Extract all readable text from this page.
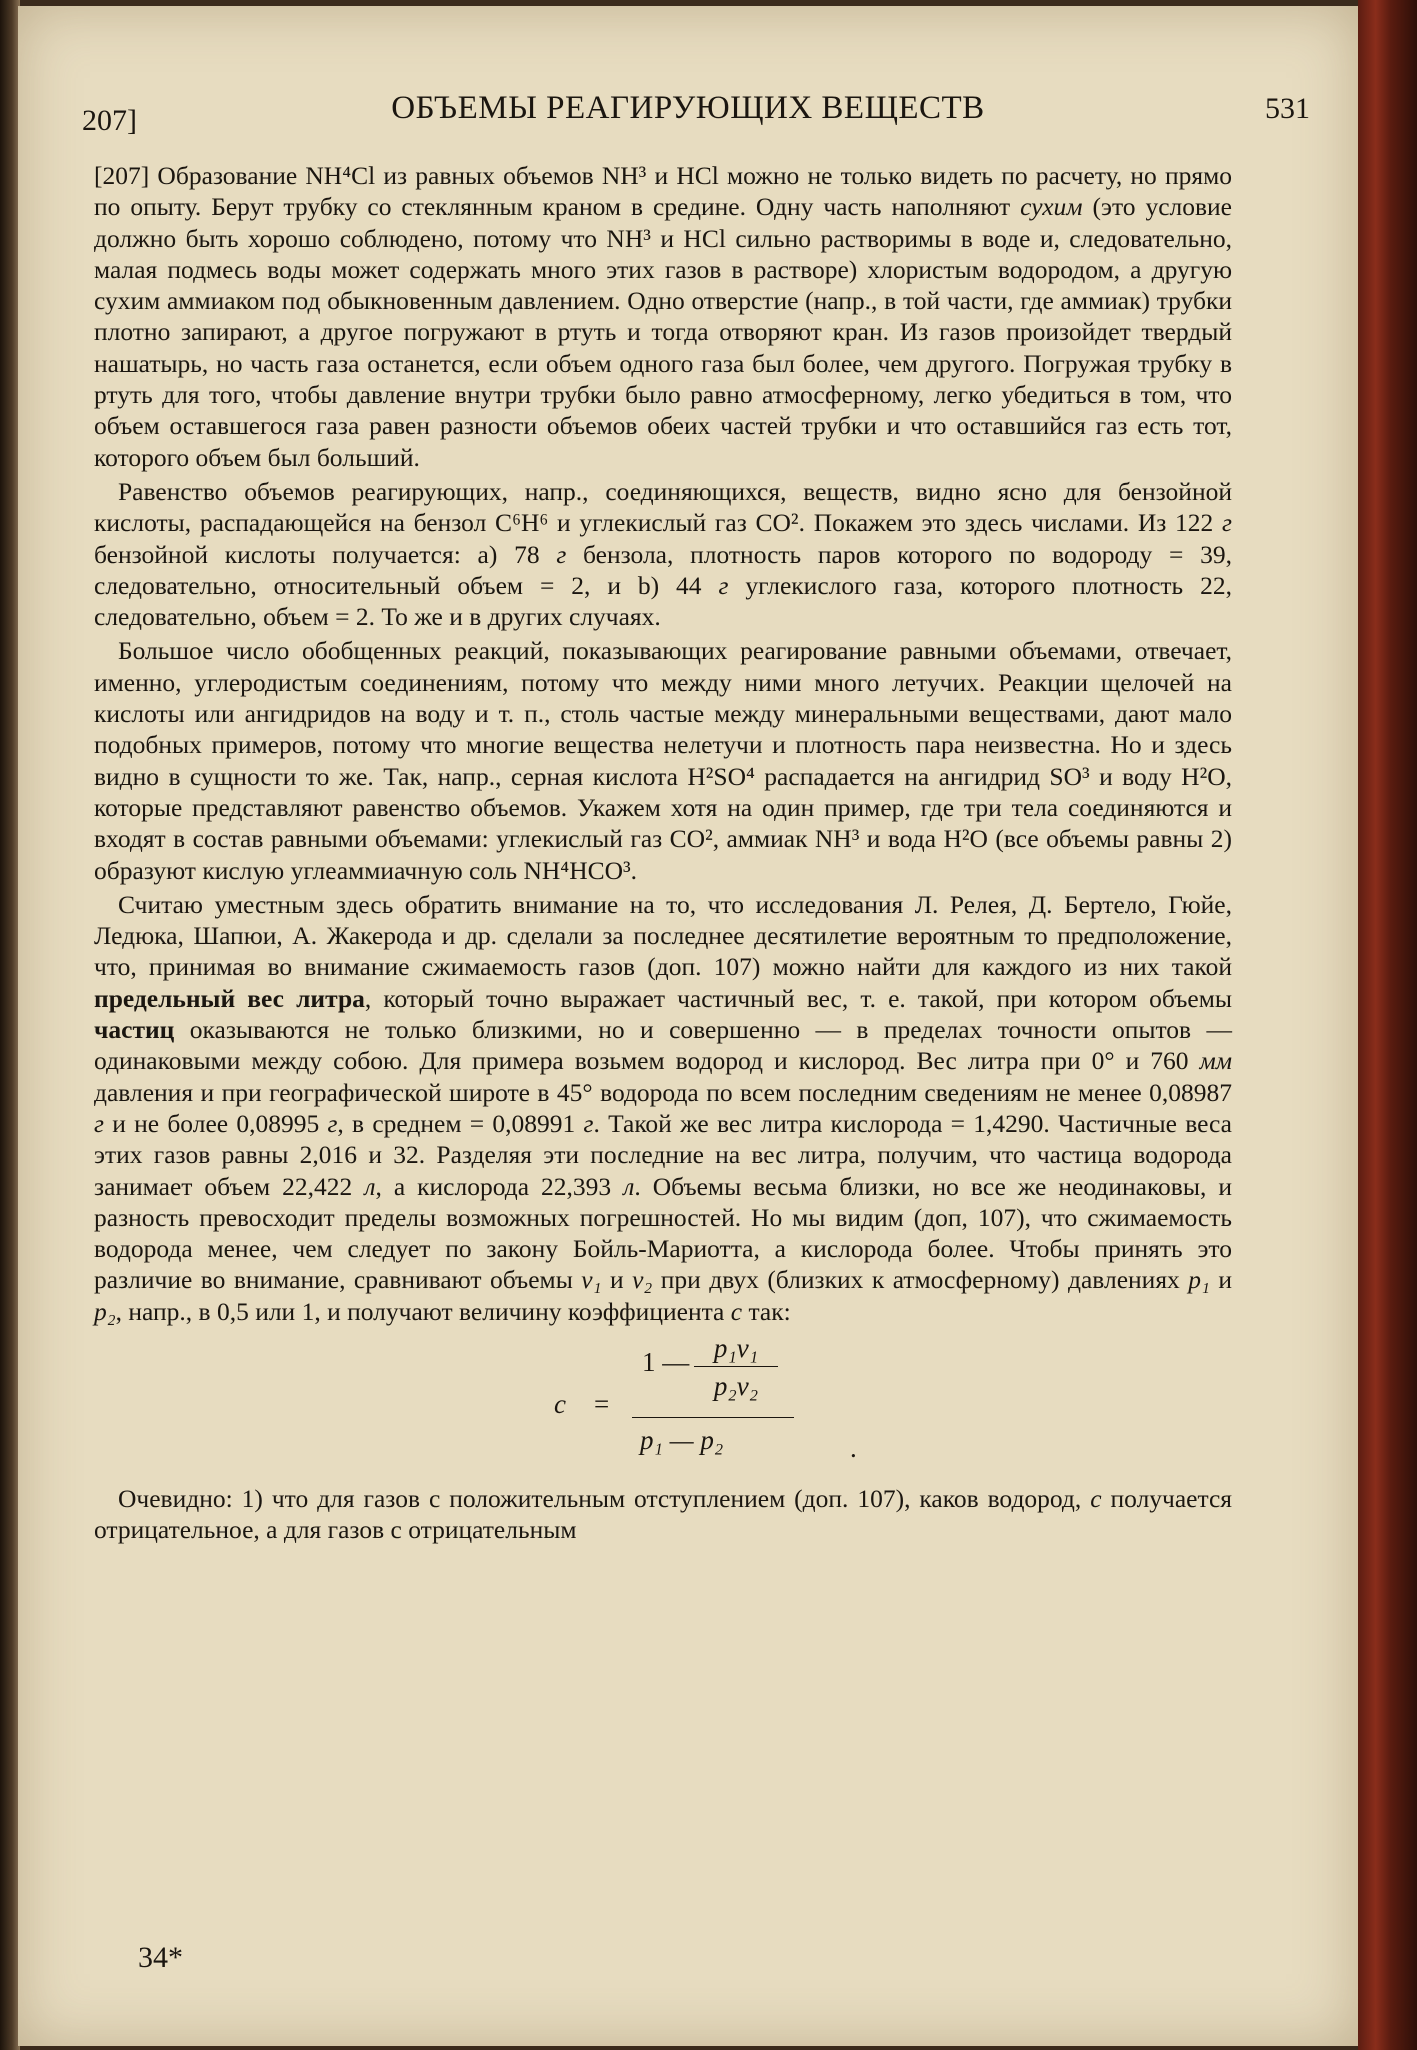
207]	ОБЪЕМЫ РЕАГИРУЮЩИХ ВЕЩЕСТВ	531

[207] Образование NH⁴Cl из равных объемов NH³ и HCl можно не только видеть по расчету, но прямо по опыту. Берут трубку со стеклянным краном в средине. Одну часть наполняют сухим (это условие должно быть хорошо соблюдено, потому что NH³ и HCl сильно растворимы в воде и, следовательно, малая подмесь воды может содержать много этих газов в растворе) хлористым водородом, а другую сухим аммиаком под обыкновенным давлением. Одно отверстие (напр., в той части, где аммиак) трубки плотно запирают, а другое погружают в ртуть и тогда отворяют кран. Из газов произойдет твердый нашатырь, но часть газа останется, если объем одного газа был более, чем другого. Погружая трубку в ртуть для того, чтобы давление внутри трубки было равно атмосферному, легко убедиться в том, что объем оставшегося газа равен разности объемов обеих частей трубки и что оставшийся газ есть тот, которого объем был больший.

Равенство объемов реагирующих, напр., соединяющихся, веществ, видно ясно для бензойной кислоты, распадающейся на бензол C⁶H⁶ и углекислый газ CO². Покажем это здесь числами. Из 122 г бензойной кислоты получается: a) 78 г бензола, плотность паров которого по водороду = 39, следовательно, относительный объем = 2, и b) 44 г углекислого газа, которого плотность 22, следовательно, объем = 2. То же и в других случаях.

Большое число обобщенных реакций, показывающих реагирование равными объемами, отвечает, именно, углеродистым соединениям, потому что между ними много летучих. Реакции щелочей на кислоты или ангидридов на воду и т. п., столь частые между минеральными веществами, дают мало подобных примеров, потому что многие вещества нелетучи и плотность пара неизвестна. Но и здесь видно в сущности то же. Так, напр., серная кислота H²SO⁴ распадается на ангидрид SO³ и воду H²O, которые представляют равенство объемов. Укажем хотя на один пример, где три тела соединяются и входят в состав равными объемами: углекислый газ CO², аммиак NH³ и вода H²O (все объемы равны 2) образуют кислую углеаммиачную соль NH⁴HCO³.

Считаю уместным здесь обратить внимание на то, что исследования Л. Релея, Д. Бертело, Гюйе, Ледюка, Шапюи, А. Жакерода и др. сделали за последнее десятилетие вероятным то предположение, что, принимая во внимание сжимаемость газов (доп. 107) можно найти для каждого из них такой предельный вес литра, который точно выражает частичный вес, т. е. такой, при котором объемы частиц оказываются не только близкими, но и совершенно — в пределах точности опытов — одинаковыми между собою. Для примера возьмем водород и кислород. Вес литра при 0° и 760 мм давления и при географической широте в 45° водорода по всем последним сведениям не менее 0,08987 г и не более 0,08995 г, в среднем = 0,08991 г. Такой же вес литра кислорода = 1,4290. Частичные веса этих газов равны 2,016 и 32. Разделяя эти последние на вес литра, получим, что частица водорода занимает объем 22,422 л, а кислорода 22,393 л. Объемы весьма близки, но все же неодинаковы, и разность превосходит пределы возможных погрешностей. Но мы видим (доп, 107), что сжимаемость водорода менее, чем следует по закону Бойль-Мариотта, а кислорода более. Чтобы принять это различие во внимание, сравнивают объемы v₁ и v₂ при двух (близких к атмосферному) давлениях p₁ и p₂, напр., в 0,5 или 1, и получают величину коэффициента c так:

c =
1 — $\frac{\text{p₁v₁}}{\text{p₂v₂}}$
p₁ — p₂	.

Очевидно: 1) что для газов с положительным отступлением (доп. 107), каков водород, c получается отрицательное, а для газов с отрицательным

34*
